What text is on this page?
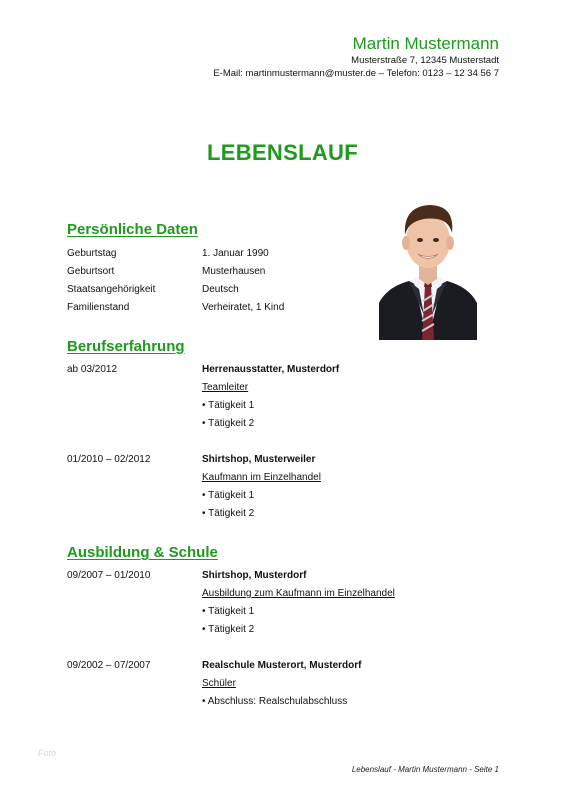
Martin Mustermann
Musterstraße 7, 12345 Musterstadt
E-Mail: martinmustermann@muster.de – Telefon: 0123 – 12 34 56 7
LEBENSLAUF
Persönliche Daten
Geburtstag	1. Januar 1990
Geburtsort	Musterhausen
Staatsangehörigkeit	Deutsch
Familienstand	Verheiratet, 1 Kind
Berufserfahrung
ab 03/2012	Herrenausstatter, Musterdorf
Teamleiter
• Tätigkeit 1
• Tätigkeit 2
01/2010 – 02/2012	Shirtshop, Musterweiler
Kaufmann im Einzelhandel
• Tätigkeit 1
• Tätigkeit 2
Ausbildung & Schule
09/2007 – 01/2010	Shirtshop, Musterdorf
Ausbildung zum Kaufmann im Einzelhandel
• Tätigkeit 1
• Tätigkeit 2
09/2002 – 07/2007	Realschule Musterort, Musterdorf
Schüler
• Abschluss: Realschulabschluss
Foto
Lebenslauf - Martin Mustermann - Seite 1
